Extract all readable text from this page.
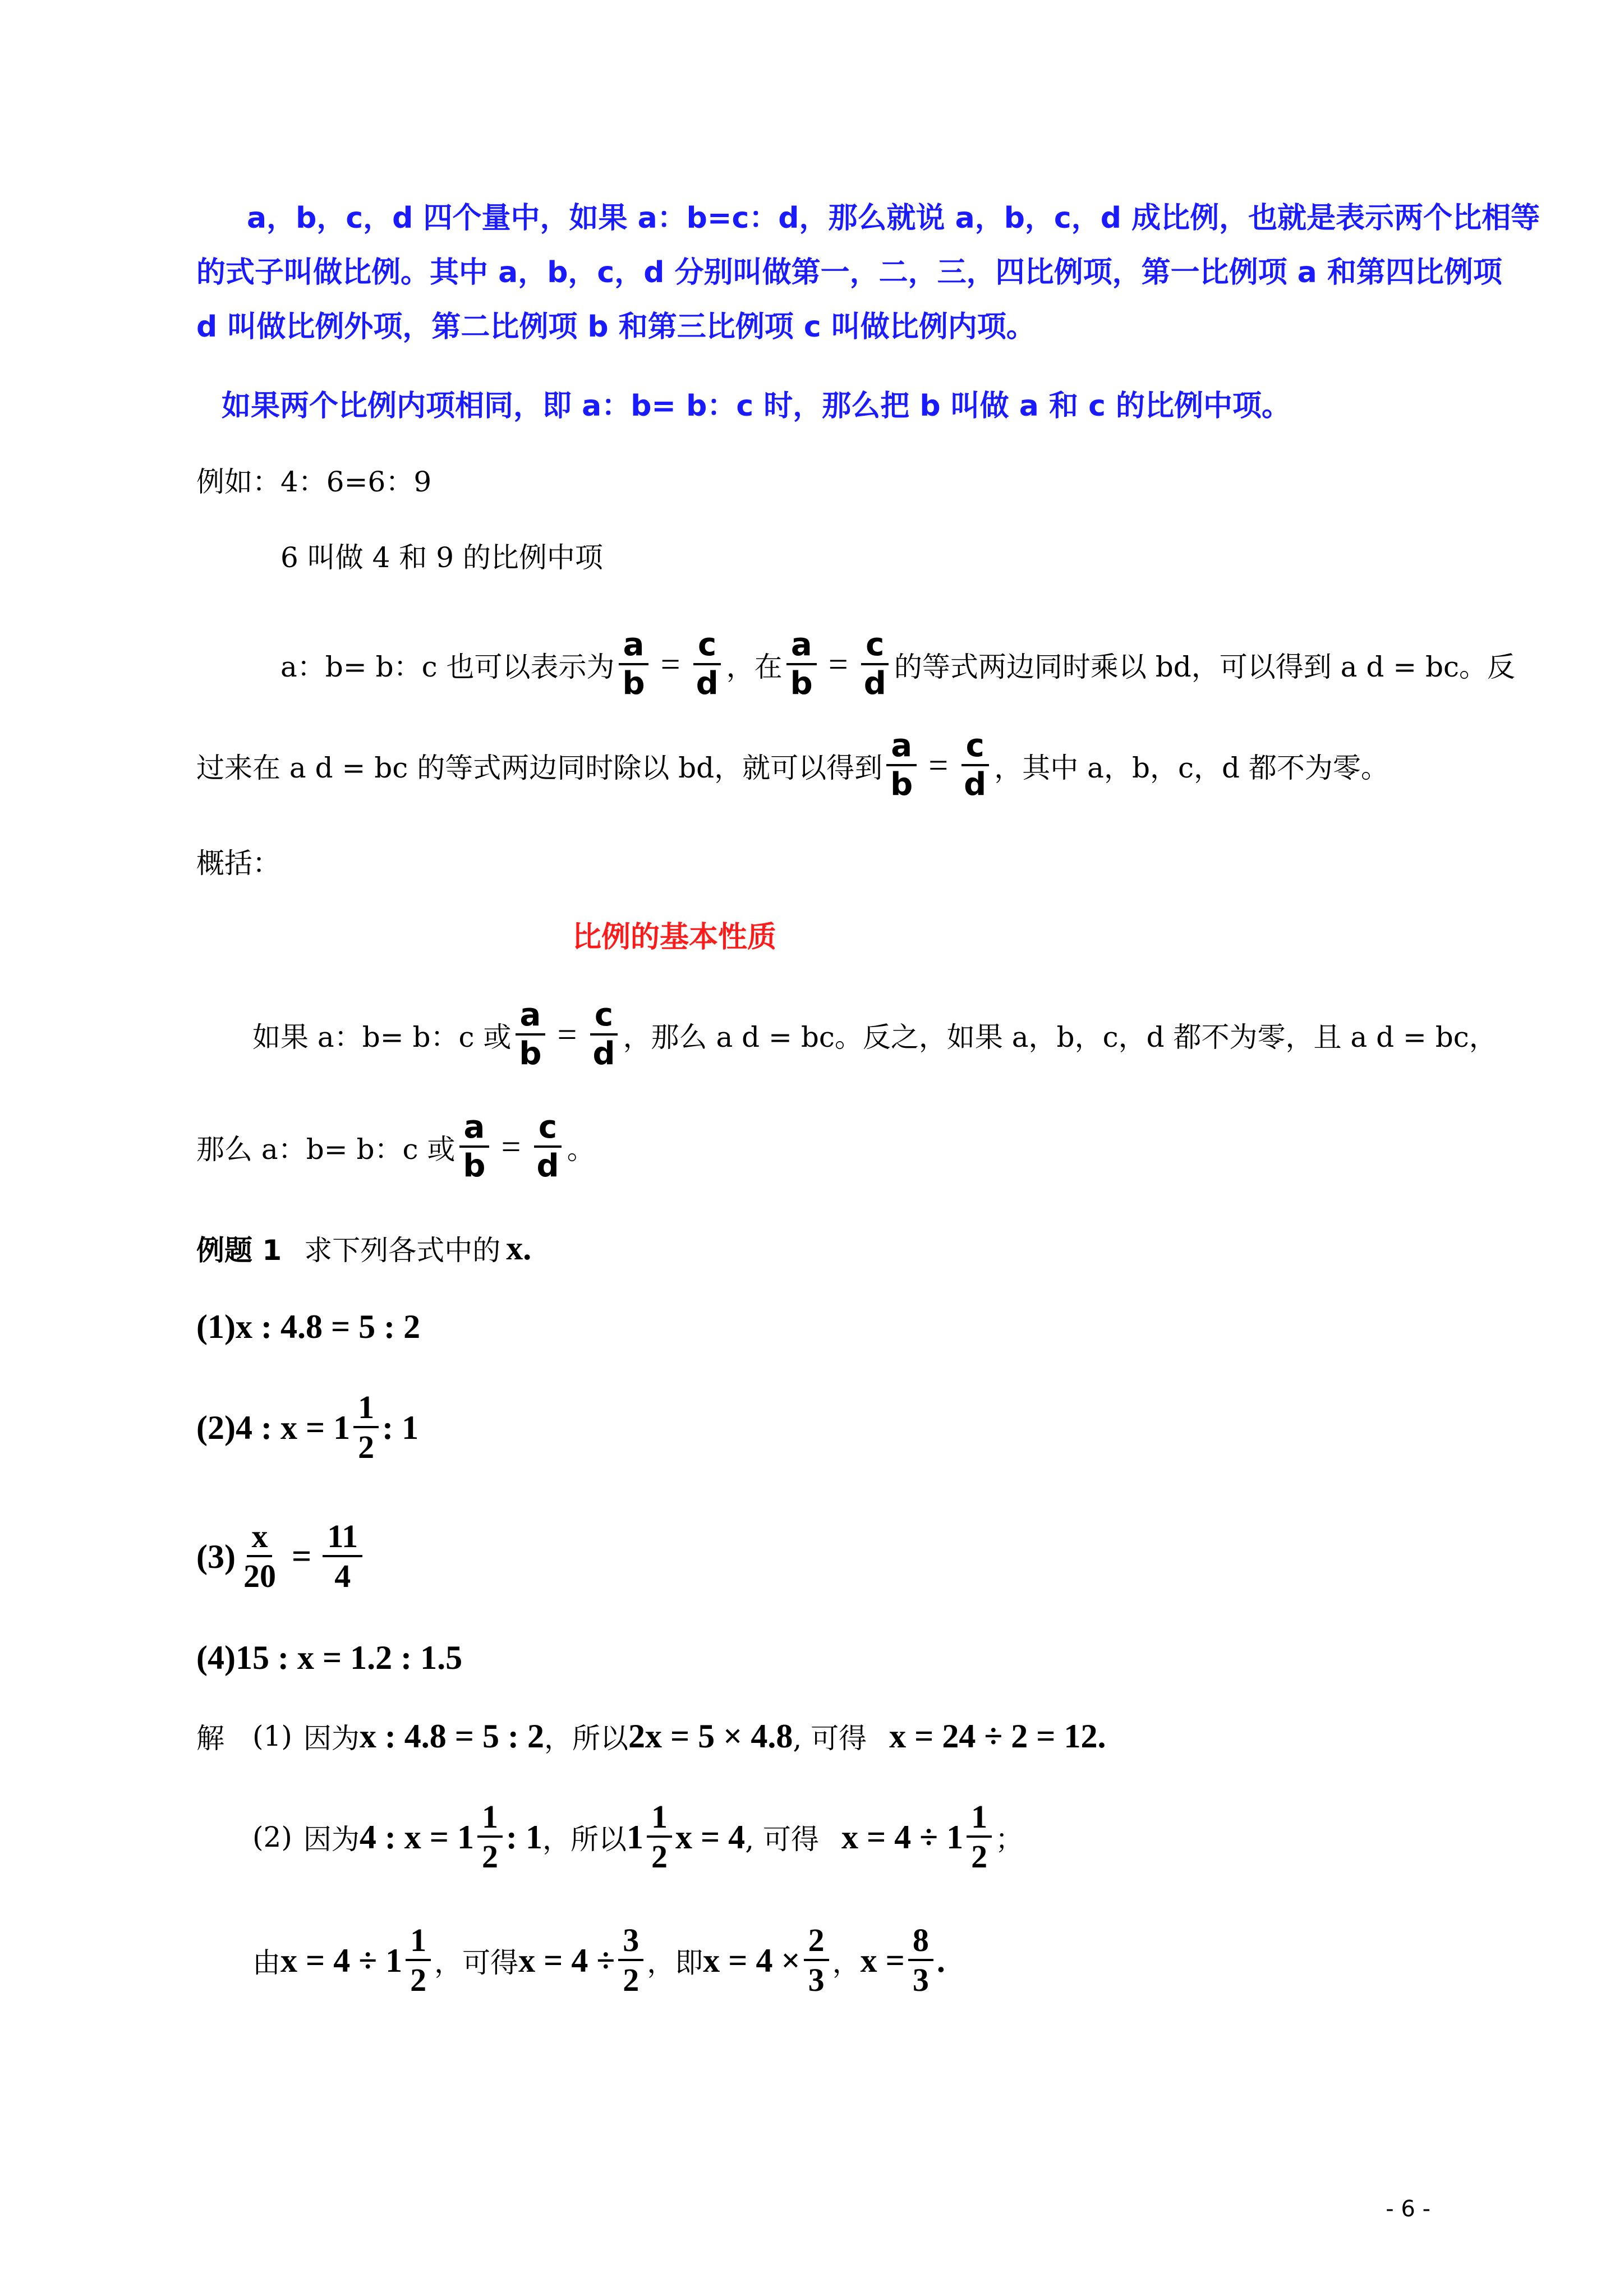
a，b，c，d 四个量中，如果 a：b=c：d，那么就说 a，b，c，d 成比例，也就是表示两个比相等
的式子叫做比例。其中 a，b，c，d 分别叫做第一，二，三，四比例项，第一比例项 a 和第四比例项
d 叫做比例外项，第二比例项 b 和第三比例项 c 叫做比例内项。
如果两个比例内项相同，即 a：b= b：c 时，那么把 b 叫做 a 和 c 的比例中项。
例如：4：6=6：9
6 叫做 4 和 9 的比例中项
a：b= b：c 也可以表示为 $\frac{a}{b} = \frac{c}{d}$ ，在 $\frac{a}{b} = \frac{c}{d}$ 的等式两边同时乘以 bd，可以得到 a d = bc。反
过来在 a d = bc 的等式两边同时除以 bd，就可以得到 $\frac{a}{b} = \frac{c}{d}$ ，其中 a，b，c，d 都不为零。
概括：
比例的基本性质
如果 a：b= b：c 或 $\frac{a}{b} = \frac{c}{d}$ ，那么 a d = bc。反之，如果 a，b，c，d 都不为零，且 a d = bc，
那么 a：b= b：c 或 $\frac{a}{b} = \frac{c}{d}$ 。
例题 1 求下列各式中的 x .
(1)x : 4.8 = 5 : 2
(2)4 : $x = 1 \frac{1}{2}$ : 1
$(3) \frac{x}{20} = \frac{11}{4}$
(4)15 : x = 1.2 : 1.5
解 (1) 因为 x : 4.8 = 5 : 2 ，所以 2x = 5 × 4.8 , 可得 x = 24 ÷ 2 = 12 .
(2) 因为 4 : $x = 1 \frac{1}{2}$ : 1 ，所以 $1 \frac{1}{2}$ x = 4 , 可得 $x = 4 \div 1 \frac{1}{2}$ ；
由 $x = 4 \div 1 \frac{1}{2}$ ，可得 $x = 4 \div \frac{3}{2}$ ，即 $x = 4 \times \frac{2}{3}$ ， $x = \frac{8}{3}$ .
- 6 -
